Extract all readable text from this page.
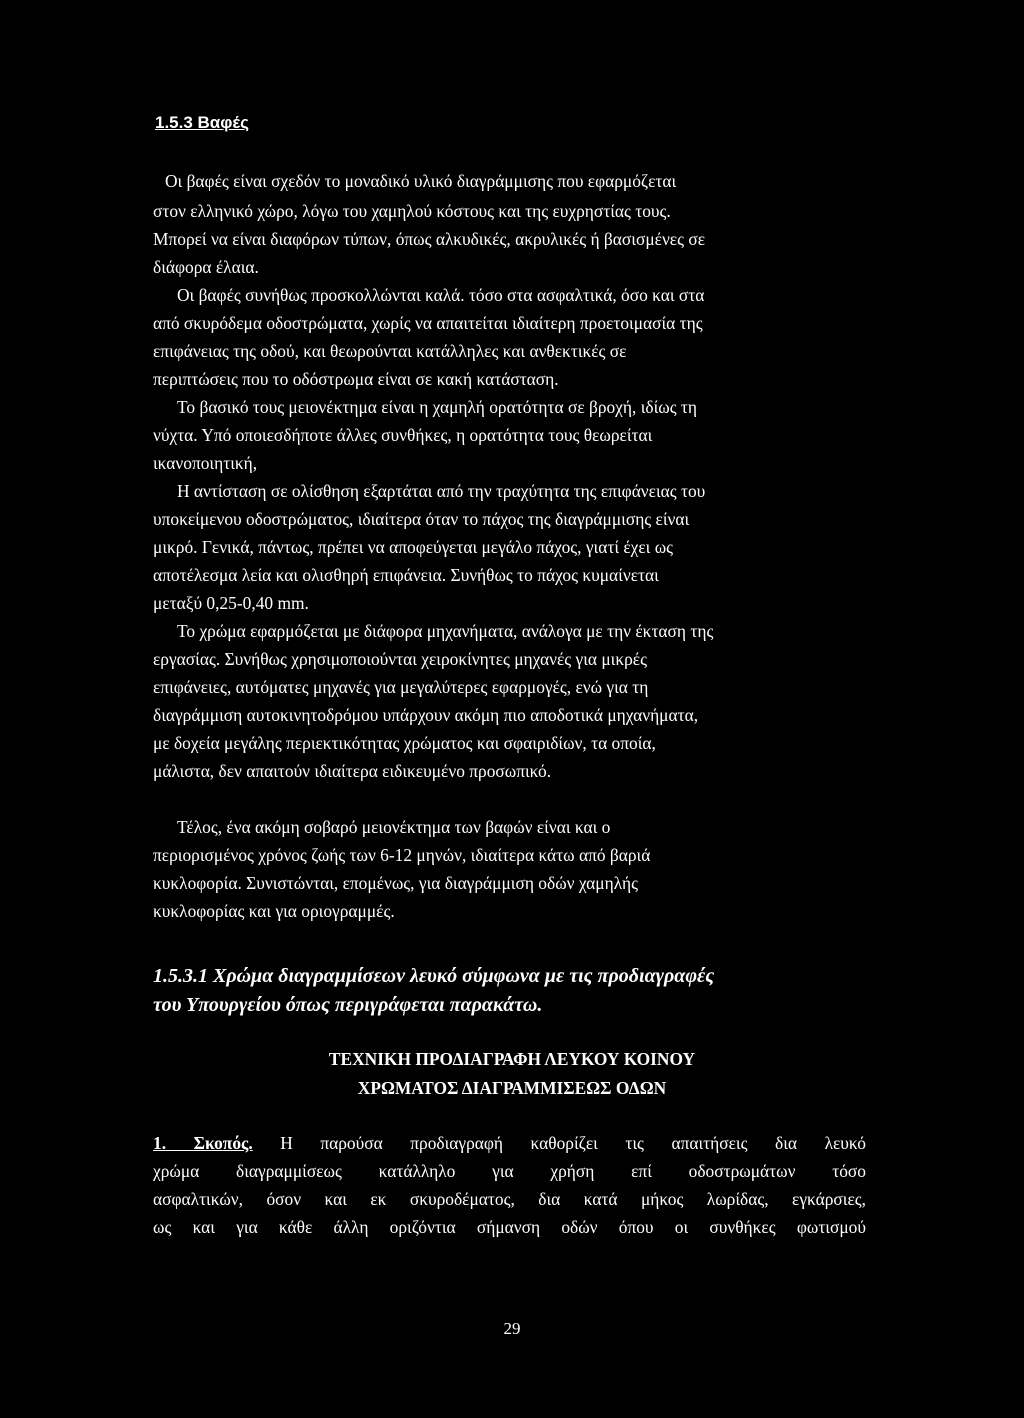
1.5.3 Βαφές
Οι βαφές είναι σχεδόν το μοναδικό υλικό διαγράμμισης που εφαρμόζεται
στον ελληνικό χώρο, λόγω του χαμηλού κόστους και της ευχρηστίας τους.
Μπορεί να είναι διαφόρων τύπων, όπως αλκυδικές, ακρυλικές ή βασισμένες σε
διάφορα έλαια.
Οι βαφές συνήθως προσκολλώνται καλά. τόσο στα ασφαλτικά, όσο και στα
από σκυρόδεμα οδοστρώματα, χωρίς να απαιτείται ιδιαίτερη προετοιμασία της
επιφάνειας της οδού, και θεωρούνται κατάλληλες και ανθεκτικές σε
περιπτώσεις που το οδόστρωμα είναι σε κακή κατάσταση.
Το βασικό τους μειονέκτημα είναι η χαμηλή ορατότητα σε βροχή, ιδίως τη
νύχτα. Υπό οποιεσδήποτε άλλες συνθήκες, η ορατότητα τους θεωρείται
ικανοποιητική,
Η αντίσταση σε ολίσθηση εξαρτάται από την τραχύτητα της επιφάνειας του
υποκείμενου οδοστρώματος, ιδιαίτερα όταν το πάχος της διαγράμμισης είναι
μικρό. Γενικά, πάντως, πρέπει να αποφεύγεται μεγάλο πάχος, γιατί έχει ως
αποτέλεσμα λεία και ολισθηρή επιφάνεια. Συνήθως το πάχος κυμαίνεται
μεταξύ 0,25-0,40 mm.
Το χρώμα εφαρμόζεται με διάφορα μηχανήματα, ανάλογα με την έκταση της
εργασίας. Συνήθως χρησιμοποιούνται χειροκίνητες μηχανές για μικρές
επιφάνειες, αυτόματες μηχανές για μεγαλύτερες εφαρμογές, ενώ για τη
διαγράμμιση αυτοκινητοδρόμου υπάρχουν ακόμη πιο αποδοτικά μηχανήματα,
με δοχεία μεγάλης περιεκτικότητας χρώματος και σφαιριδίων, τα οποία,
μάλιστα, δεν απαιτούν ιδιαίτερα ειδικευμένο προσωπικό.
Τέλος, ένα ακόμη σοβαρό μειονέκτημα των βαφών είναι και ο
περιορισμένος χρόνος ζωής των 6-12 μηνών, ιδιαίτερα κάτω από βαριά
κυκλοφορία. Συνιστώνται, επομένως, για διαγράμμιση οδών χαμηλής
κυκλοφορίας και για οριογραμμές.
1.5.3.1 Χρώμα διαγραμμίσεων λευκό σύμφωνα με τις προδιαγραφές
του Υπουργείου όπως περιγράφεται παρακάτω.
ΤΕΧΝΙΚΗ ΠΡΟΔΙΑΓΡΑΦΗ ΛΕΥΚΟΥ ΚΟΙΝΟΥ
ΧΡΩΜΑΤΟΣ ΔΙΑΓΡΑΜΜΙΣΕΩΣ ΟΔΩΝ
1. Σκοπός. Η παρούσα προδιαγραφή καθορίζει τις απαιτήσεις δια λευκό
χρώμα διαγραμμίσεως κατάλληλο για χρήση επί οδοστρωμάτων τόσο
ασφαλτικών, όσον και εκ σκυροδέματος, δια κατά μήκος λωρίδας, εγκάρσιες,
ως και για κάθε άλλη οριζόντια σήμανση οδών όπου οι συνθήκες φωτισμού
29
